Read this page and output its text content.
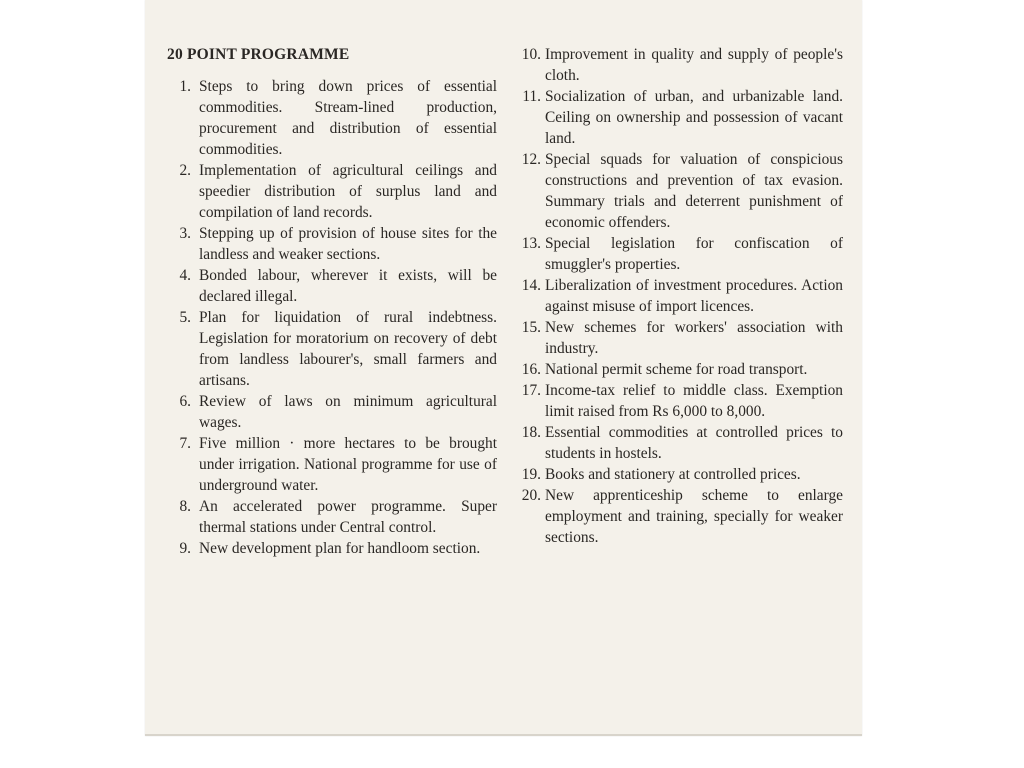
20 POINT PROGRAMME
1. Steps to bring down prices of essential commodities. Stream-lined production, procurement and distribution of essential commodities.
2. Implementation of agricultural ceilings and speedier distribution of surplus land and compilation of land records.
3. Stepping up of provision of house sites for the landless and weaker sections.
4. Bonded labour, wherever it exists, will be declared illegal.
5. Plan for liquidation of rural indebtness. Legislation for moratorium on recovery of debt from landless labourer's, small farmers and artisans.
6. Review of laws on minimum agricultural wages.
7. Five million · more hectares to be brought under irrigation. National programme for use of underground water.
8. An accelerated power programme. Super thermal stations under Central control.
9. New development plan for handloom section.
10. Improvement in quality and supply of people's cloth.
11. Socialization of urban, and urbanizable land. Ceiling on ownership and possession of vacant land.
12. Special squads for valuation of conspicious constructions and prevention of tax evasion. Summary trials and deterrent punishment of economic offenders.
13. Special legislation for confiscation of smuggler's properties.
14. Liberalization of investment procedures. Action against misuse of import licences.
15. New schemes for workers' association with industry.
16. National permit scheme for road transport.
17. Income-tax relief to middle class. Exemption limit raised from Rs 6,000 to 8,000.
18. Essential commodities at controlled prices to students in hostels.
19. Books and stationery at controlled prices.
20. New apprenticeship scheme to enlarge employment and training, specially for weaker sections.
